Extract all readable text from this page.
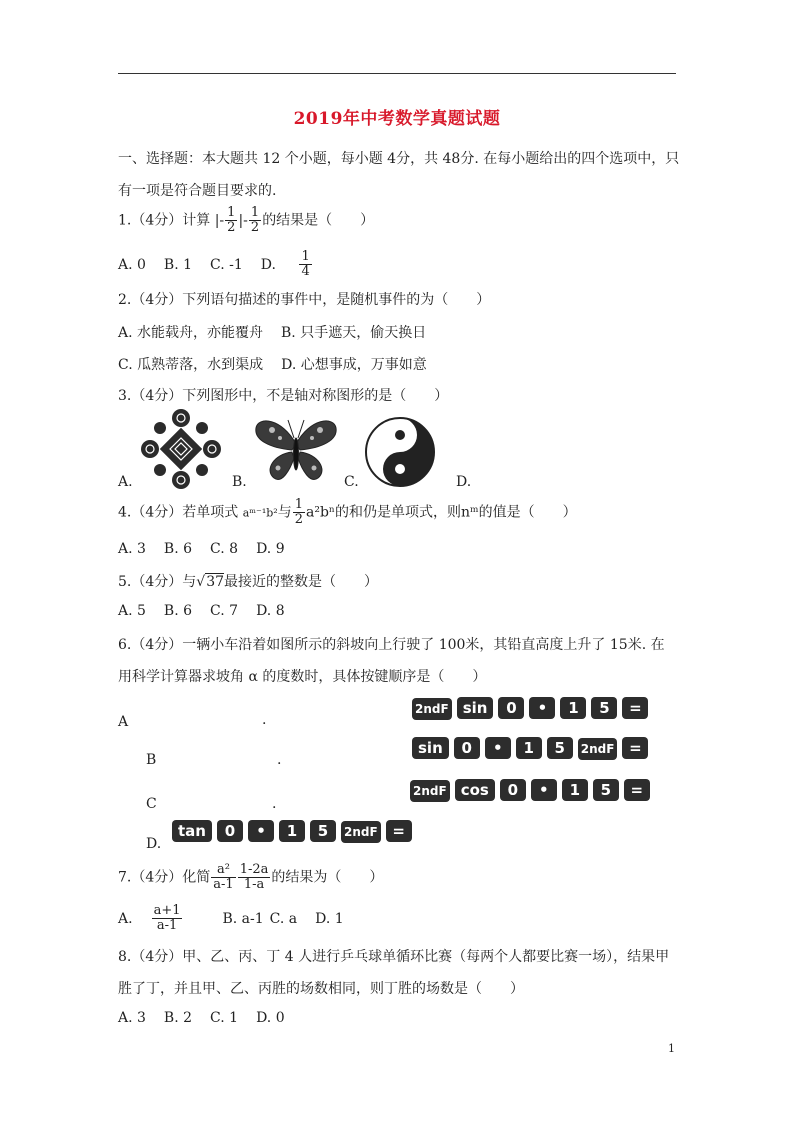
2019年中考数学真题试题
一、选择题：本大题共 12 个小题，每小题 4分，共 48分. 在每小题给出的四个选项中，只
有一项是符合题目要求的.
1.（4分）计算 |- $\frac{1}{2}$ |- $\frac{1}{2}$ 的结果是（　　）
A. 0 B. 1 C. -1 D. $\frac{1}{4}$
2.（4分）下列语句描述的事件中，是随机事件的为（　　）
A. 水能载舟，亦能覆舟 B. 只手遮天，偷天换日
C. 瓜熟蒂落，水到渠成 D. 心想事成，万事如意
3.（4分）下列图形中，不是轴对称图形的是（　　）
A.	B.	C.	D.
4.（4分）若单项式 aᵐ⁻¹b²与 $\frac{1}{2} a^2b^n$的和仍是单项式，则nᵐ的值是（　　）
A. 3 B. 6 C. 8 D. 9
5.（4分）与√37最接近的整数是（　　）
A. 5 B. 6 C. 7 D. 8
6.（4分）一辆小车沿着如图所示的斜坡向上行驶了 100米，其铅直高度上升了 15米. 在
用科学计算器求坡角 α 的度数时，具体按键顺序是（　　）
A	.
2ndF sin 0 • 1 5 =
B	.
sin 0 • 1 5 2ndF =
C	.
2ndF cos 0 • 1 5 =
D.
tan 0 • 1 5 2ndF =
7.（4分）化简 $\frac{\text{a²}}{a-1} \frac{1-2a}{1-a}$ 的结果为（　　）
A. $\frac{a+1}{a-1} B$. a-1 C. a D. 1
8.（4分）甲、乙、丙、丁 4 人进行乒乓球单循环比赛（每两个人都要比赛一场），结果甲
胜了丁，并且甲、乙、丙胜的场数相同，则丁胜的场数是（　　）
A. 3 B. 2 C. 1 D. 0
1
